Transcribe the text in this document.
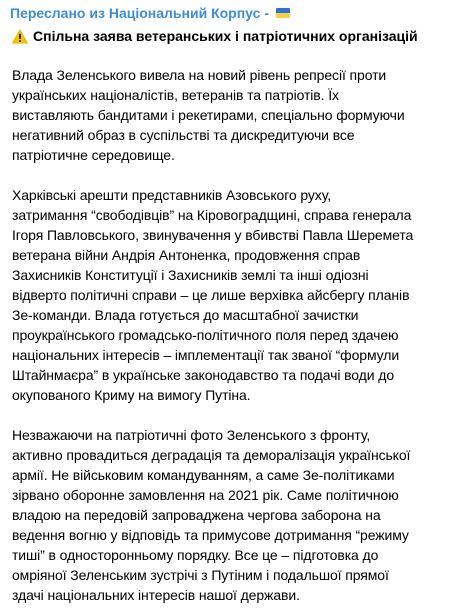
Переслано из
Національний Корпус -
Спільна заява ветеранських і патріотичних організацій
Влада Зеленського вивела на новий рівень репресії проти
українських націоналістів, ветеранів та патріотів. Їх
виставляють бандитами і рекетирами, спеціально формуючи
негативний образ в суспільстві та дискредитуючи все
патріотичне середовище.
Харківські арешти представників Азовського руху,
затримання “свободівців” на Кіровоградщині, справа генерала
Ігоря Павловського, звинувачення у вбивстві Павла Шеремета
ветерана війни Андрія Антоненка, продовження справ
Захисників Конституції і Захисників землі та інші одіозні
відверто політичні справи – це лише верхівка айсбергу планів
Зе-команди. Влада готується до масштабної зачистки
проукраїнського громадсько-політичного поля перед здачею
національних інтересів – імплементації так званої “формули
Штайнмаєра” в українське законодавство та подачі води до
окупованого Криму на вимогу Путіна.
Незважаючи на патріотичні фото Зеленського з фронту,
активно провадиться деградація та деморалізація української
армії. Не військовим командуванням, а саме Зе-політиками
зірвано оборонне замовлення на 2021 рік. Саме політичною
владою на передовій запроваджена чергова заборона на
ведення вогню у відповідь та примусове дотримання “режиму
тиші” в односторонньому порядку. Все це – підготовка до
омріяної Зеленським зустрічі з Путіним і подальшої прямої
здачі національних інтересів нашої держави.
